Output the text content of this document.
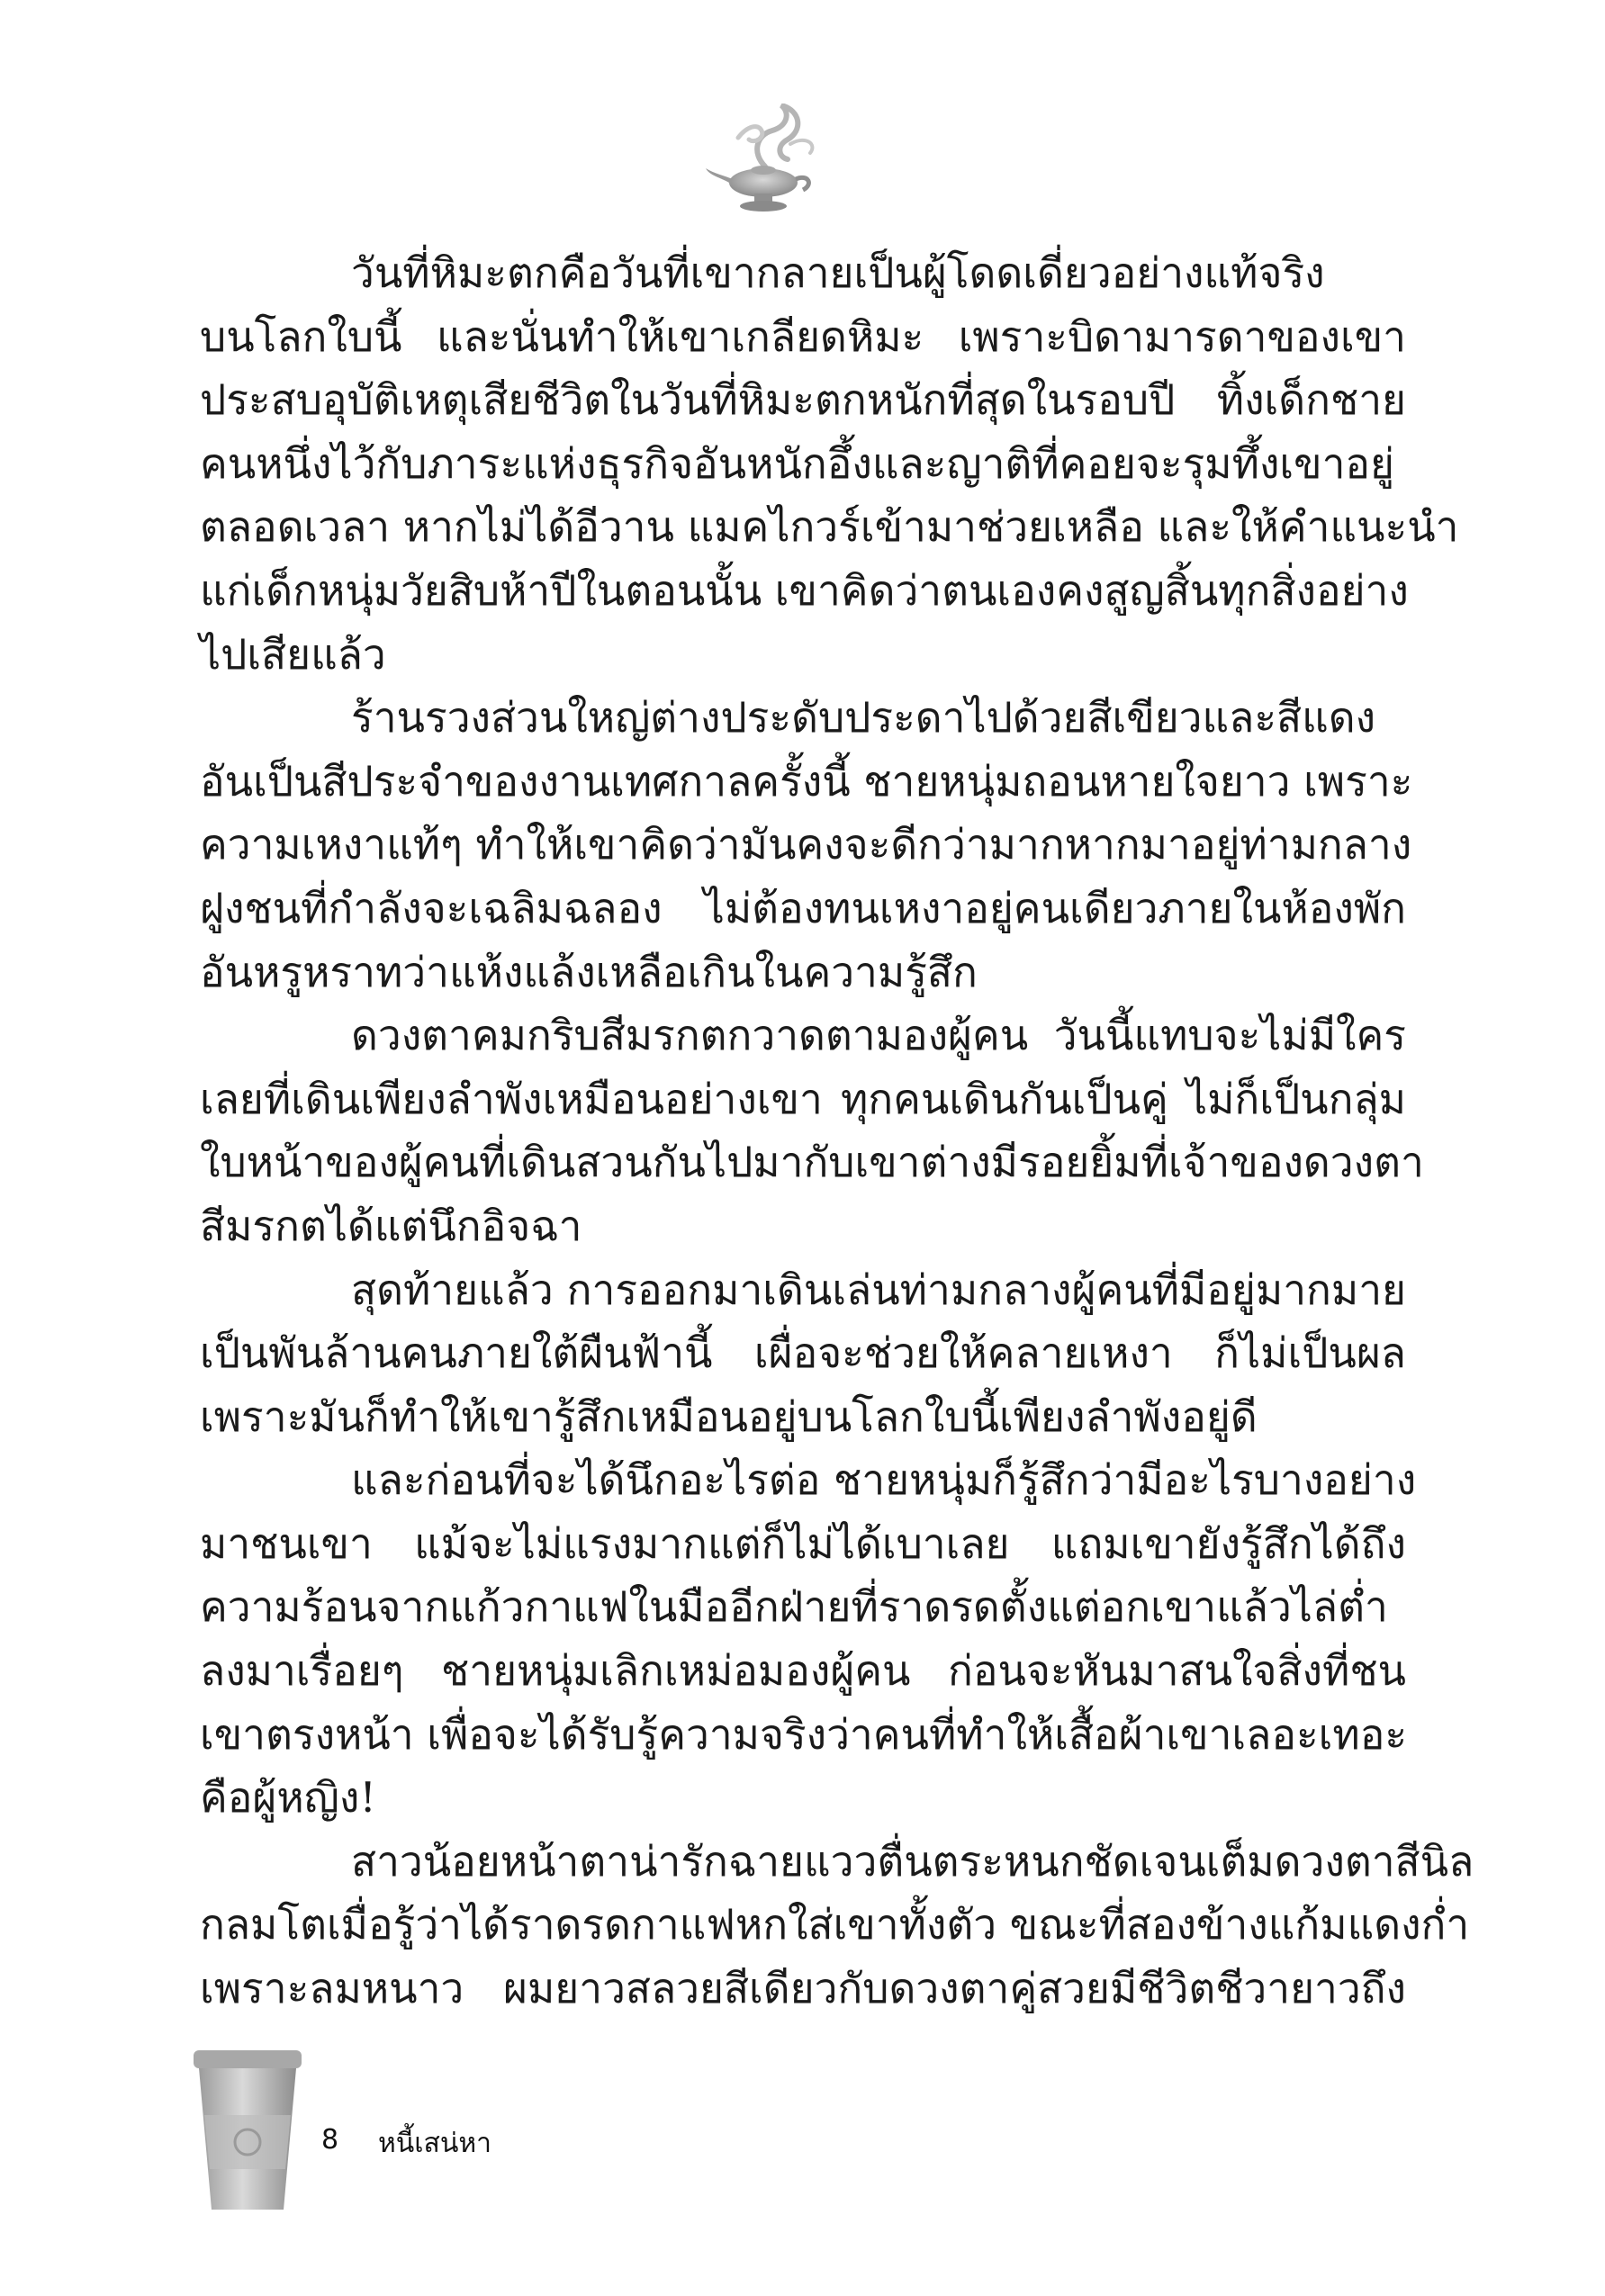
วันที่หิมะตกคือวันที่เขากลายเป็นผู้โดดเดี่ยวอย่างแท้จริง
บนโลกใบนี้ และนั่นทำให้เขาเกลียดหิมะ เพราะบิดามารดาของเขา
ประสบอุบัติเหตุเสียชีวิตในวันที่หิมะตกหนักที่สุดในรอบปี ทิ้งเด็กชาย
คนหนึ่งไว้กับภาระแห่งธุรกิจอันหนักอึ้งและญาติที่คอยจะรุมทึ้งเขาอยู่
ตลอดเวลา หากไม่ได้อีวาน แมคไกวร์เข้ามาช่วยเหลือ และให้คำแนะนำ
แก่เด็กหนุ่มวัยสิบห้าปีในตอนนั้น เขาคิดว่าตนเองคงสูญสิ้นทุกสิ่งอย่าง
ไปเสียแล้ว
ร้านรวงส่วนใหญ่ต่างประดับประดาไปด้วยสีเขียวและสีแดง
อันเป็นสีประจำของงานเทศกาลครั้งนี้ ชายหนุ่มถอนหายใจยาว เพราะ
ความเหงาแท้ๆ ทำให้เขาคิดว่ามันคงจะดีกว่ามากหากมาอยู่ท่ามกลาง
ฝูงชนที่กำลังจะเฉลิมฉลอง ไม่ต้องทนเหงาอยู่คนเดียวภายในห้องพัก
อันหรูหราทว่าแห้งแล้งเหลือเกินในความรู้สึก
ดวงตาคมกริบสีมรกตกวาดตามองผู้คน วันนี้แทบจะไม่มีใคร
เลยที่เดินเพียงลำพังเหมือนอย่างเขา ทุกคนเดินกันเป็นคู่ ไม่ก็เป็นกลุ่ม
ใบหน้าของผู้คนที่เดินสวนกันไปมากับเขาต่างมีรอยยิ้มที่เจ้าของดวงตา
สีมรกตได้แต่นึกอิจฉา
สุดท้ายแล้ว การออกมาเดินเล่นท่ามกลางผู้คนที่มีอยู่มากมาย
เป็นพันล้านคนภายใต้ผืนฟ้านี้ เผื่อจะช่วยให้คลายเหงา ก็ไม่เป็นผล
เพราะมันก็ทำให้เขารู้สึกเหมือนอยู่บนโลกใบนี้เพียงลำพังอยู่ดี
และก่อนที่จะได้นึกอะไรต่อ ชายหนุ่มก็รู้สึกว่ามีอะไรบางอย่าง
มาชนเขา แม้จะไม่แรงมากแต่ก็ไม่ได้เบาเลย แถมเขายังรู้สึกได้ถึง
ความร้อนจากแก้วกาแฟในมืออีกฝ่ายที่ราดรดตั้งแต่อกเขาแล้วไล่ต่ำ
ลงมาเรื่อยๆ ชายหนุ่มเลิกเหม่อมองผู้คน ก่อนจะหันมาสนใจสิ่งที่ชน
เขาตรงหน้า เพื่อจะได้รับรู้ความจริงว่าคนที่ทำให้เสื้อผ้าเขาเลอะเทอะ
คือผู้หญิง!
สาวน้อยหน้าตาน่ารักฉายแววตื่นตระหนกชัดเจนเต็มดวงตาสีนิล
กลมโตเมื่อรู้ว่าได้ราดรดกาแฟหกใส่เขาทั้งตัว ขณะที่สองข้างแก้มแดงก่ำ
เพราะลมหนาว ผมยาวสลวยสีเดียวกับดวงตาคู่สวยมีชีวิตชีวายาวถึง
8 หนี้เสน่หา
